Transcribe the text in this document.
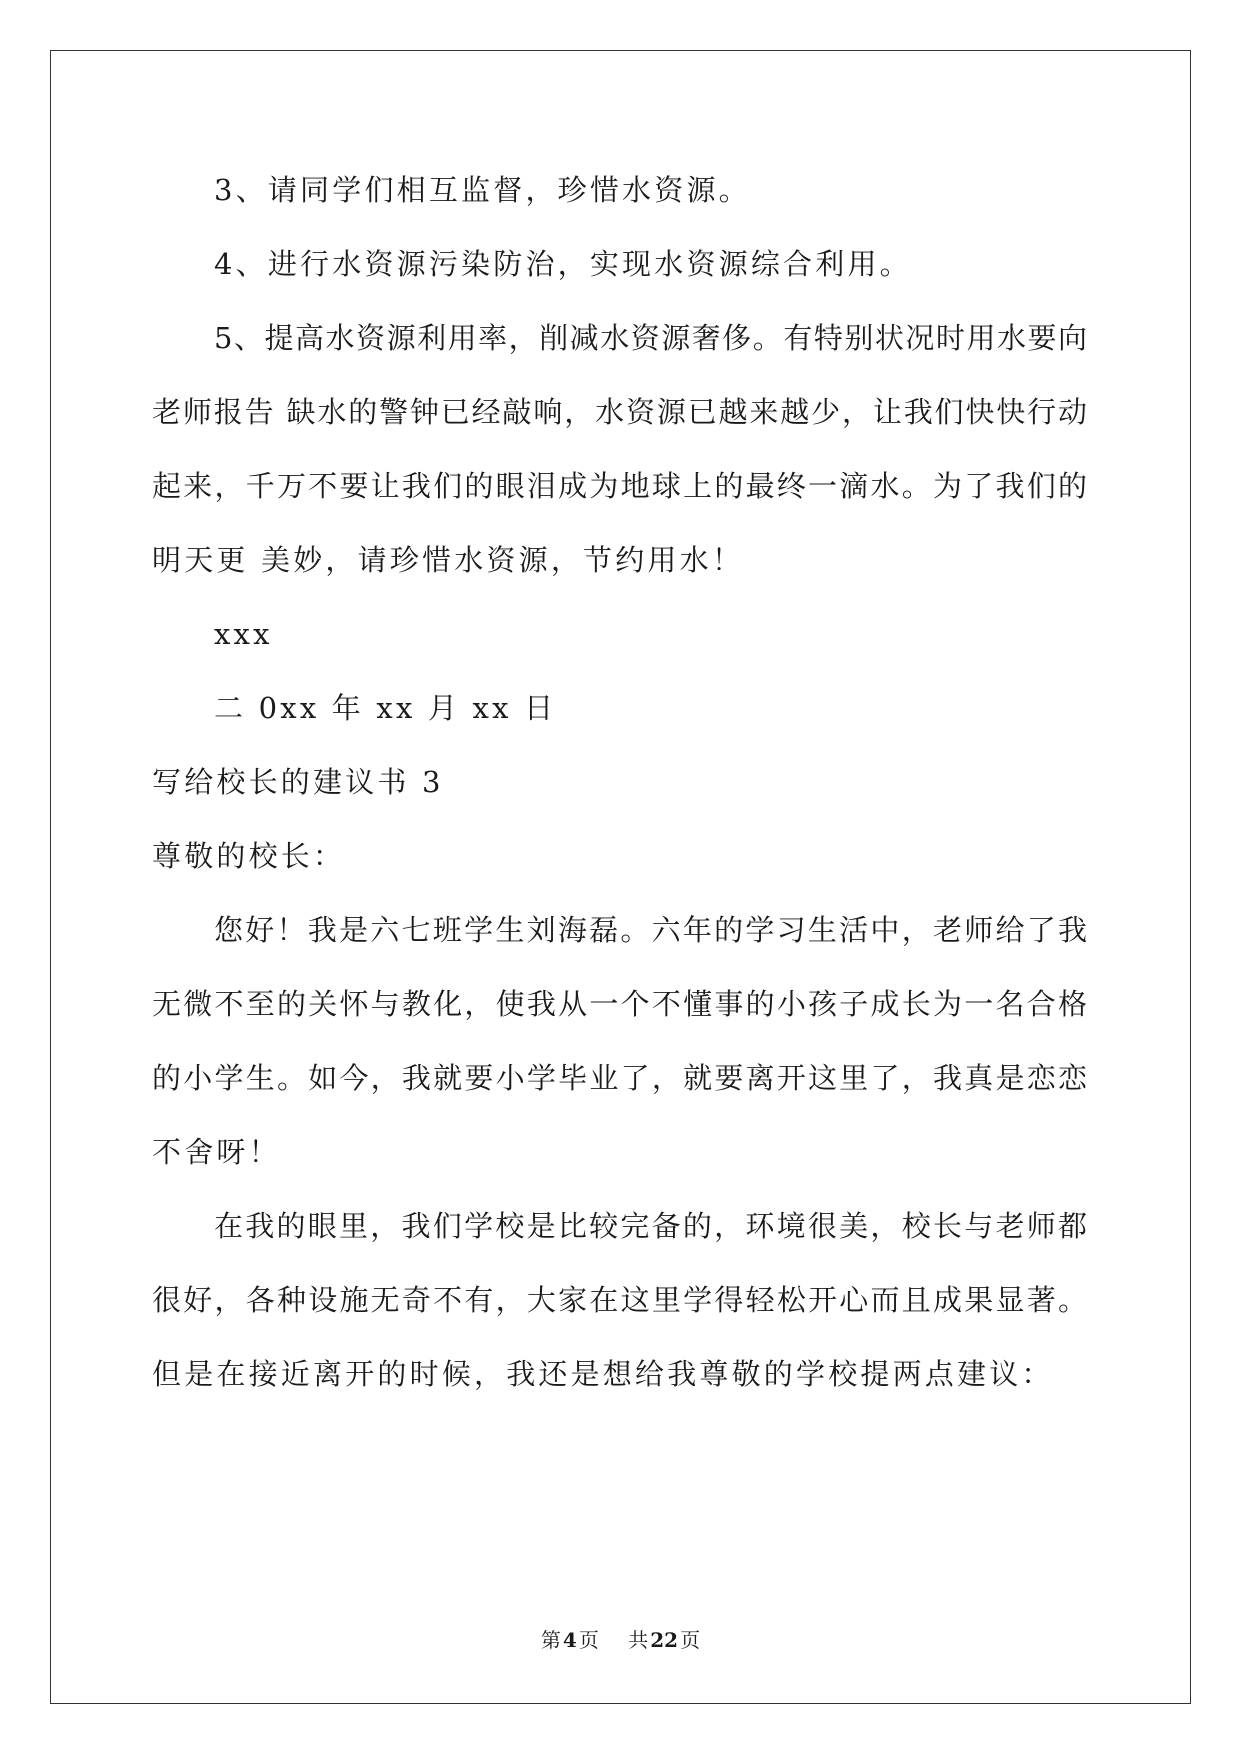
3、请同学们相互监督，珍惜水资源。
4、进行水资源污染防治，实现水资源综合利用。
5、提高水资源利用率，削减水资源奢侈。有特别状况时用水要向
老师报告 缺水的警钟已经敲响，水资源已越来越少，让我们快快行动
起来，千万不要让我们的眼泪成为地球上的最终一滴水。为了我们的
明天更 美妙，请珍惜水资源，节约用水！
xxx
二 0xx 年 xx 月 xx 日
写给校长的建议书 3
尊敬的校长：
您好！我是六七班学生刘海磊。六年的学习生活中，老师给了我
无微不至的关怀与教化，使我从一个不懂事的小孩子成长为一名合格
的小学生。如今，我就要小学毕业了，就要离开这里了，我真是恋恋
不舍呀！
在我的眼里，我们学校是比较完备的，环境很美，校长与老师都
很好，各种设施无奇不有，大家在这里学得轻松开心而且成果显著。
但是在接近离开的时候，我还是想给我尊敬的学校提两点建议：
第 4 页 共 22 页
